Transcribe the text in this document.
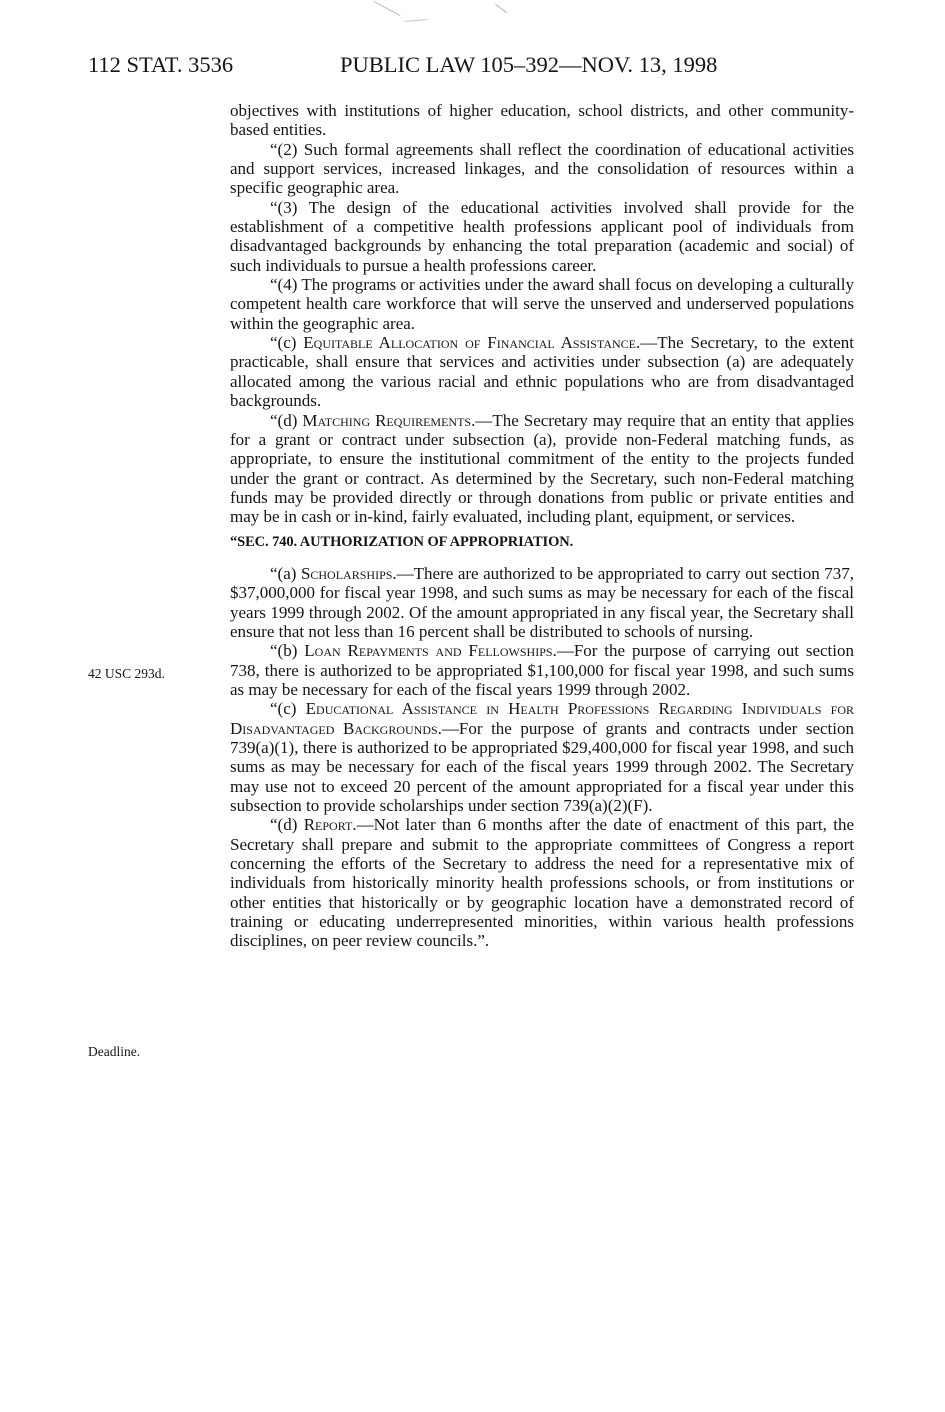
112 STAT. 3536	PUBLIC LAW 105–392—NOV. 13, 1998
42 USC 293d.
Deadline.

objectives with institutions of higher education, school districts, and other community-based entities.

“(2) Such formal agreements shall reflect the coordination of educational activities and support services, increased linkages, and the consolidation of resources within a specific geographic area.

“(3) The design of the educational activities involved shall provide for the establishment of a competitive health professions applicant pool of individuals from disadvantaged backgrounds by enhancing the total preparation (academic and social) of such individuals to pursue a health professions career.

“(4) The programs or activities under the award shall focus on developing a culturally competent health care workforce that will serve the unserved and underserved populations within the geographic area.

“(c) Equitable Allocation of Financial Assistance.—The Secretary, to the extent practicable, shall ensure that services and activities under subsection (a) are adequately allocated among the various racial and ethnic populations who are from disadvantaged backgrounds.

“(d) Matching Requirements.—The Secretary may require that an entity that applies for a grant or contract under subsection (a), provide non-Federal matching funds, as appropriate, to ensure the institutional commitment of the entity to the projects funded under the grant or contract. As determined by the Secretary, such non-Federal matching funds may be provided directly or through donations from public or private entities and may be in cash or in-kind, fairly evaluated, including plant, equipment, or services.

“SEC. 740. AUTHORIZATION OF APPROPRIATION.

“(a) Scholarships.—There are authorized to be appropriated to carry out section 737, $37,000,000 for fiscal year 1998, and such sums as may be necessary for each of the fiscal years 1999 through 2002. Of the amount appropriated in any fiscal year, the Secretary shall ensure that not less than 16 percent shall be distributed to schools of nursing.

“(b) Loan Repayments and Fellowships.—For the purpose of carrying out section 738, there is authorized to be appropriated $1,100,000 for fiscal year 1998, and such sums as may be necessary for each of the fiscal years 1999 through 2002.

“(c) Educational Assistance in Health Professions Regarding Individuals for Disadvantaged Backgrounds.—For the purpose of grants and contracts under section 739(a)(1), there is authorized to be appropriated $29,400,000 for fiscal year 1998, and such sums as may be necessary for each of the fiscal years 1999 through 2002. The Secretary may use not to exceed 20 percent of the amount appropriated for a fiscal year under this subsection to provide scholarships under section 739(a)(2)(F).

“(d) Report.—Not later than 6 months after the date of enactment of this part, the Secretary shall prepare and submit to the appropriate committees of Congress a report concerning the efforts of the Secretary to address the need for a representative mix of individuals from historically minority health professions schools, or from institutions or other entities that historically or by geographic location have a demonstrated record of training or educating underrepresented minorities, within various health professions disciplines, on peer review councils.”.
